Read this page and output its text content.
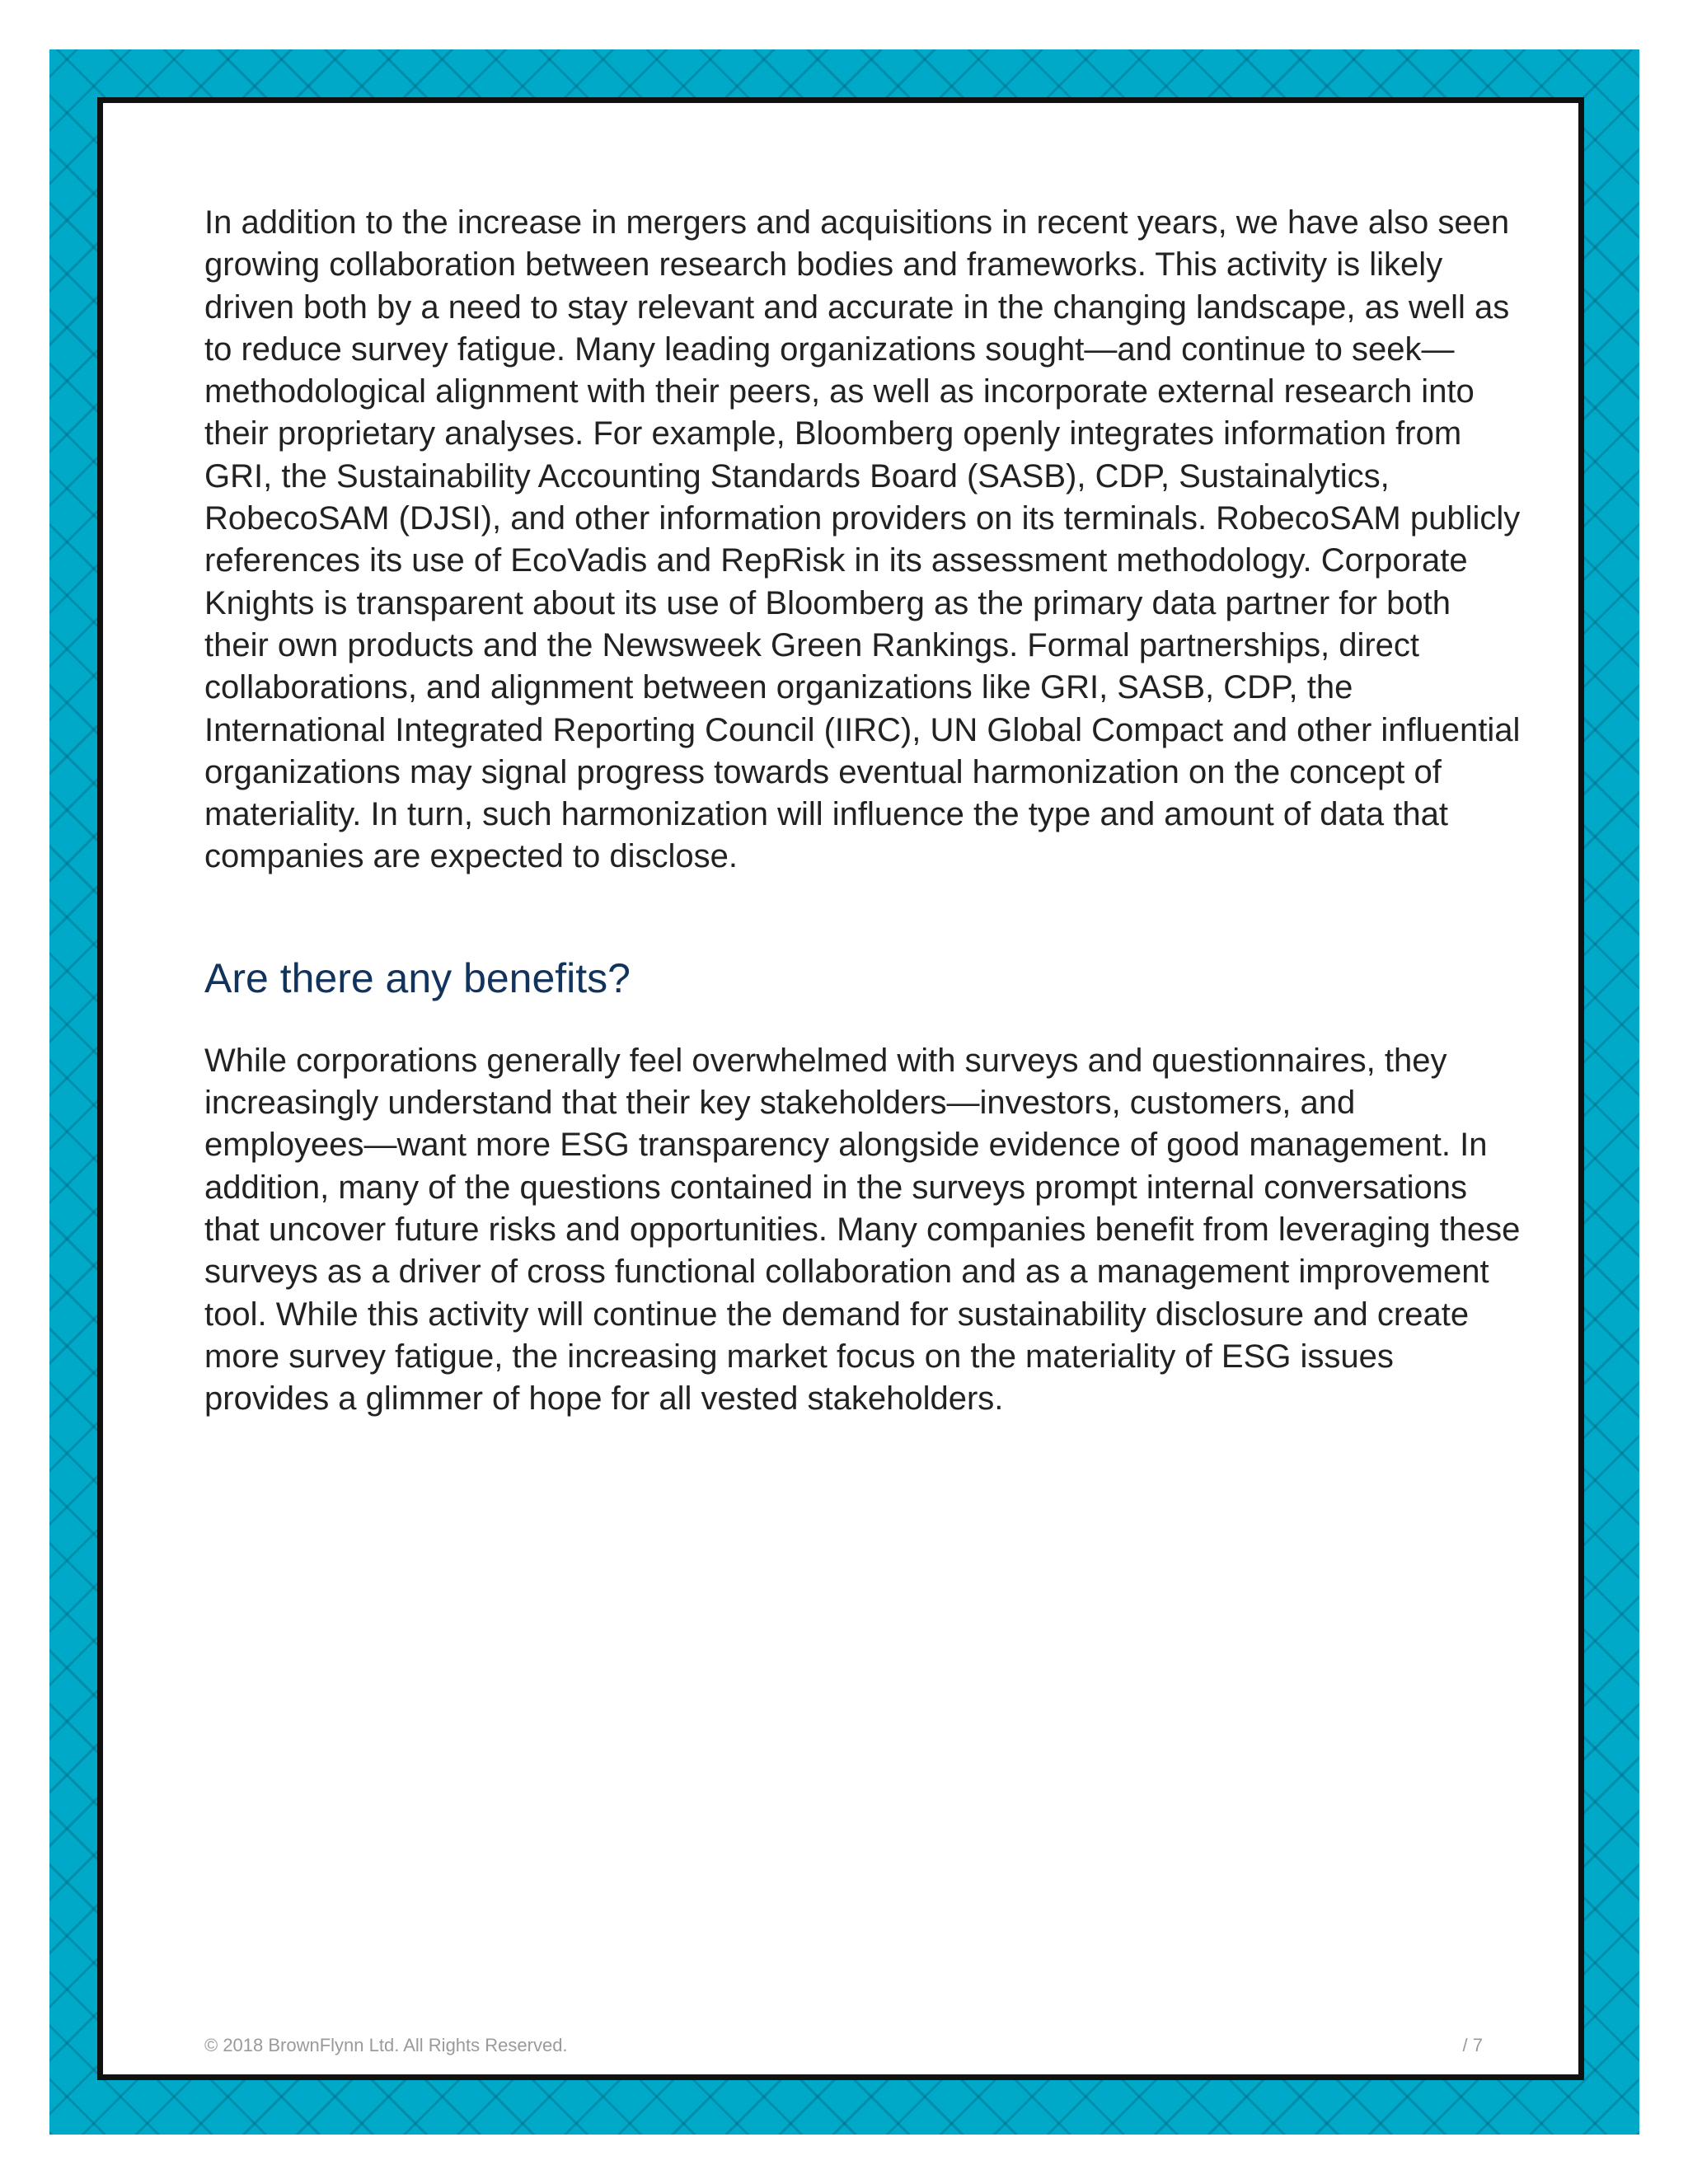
In addition to the increase in mergers and acquisitions in recent years, we have also seen growing collaboration between research bodies and frameworks. This activity is likely driven both by a need to stay relevant and accurate in the changing landscape, as well as to reduce survey fatigue. Many leading organizations sought—and continue to seek—methodological alignment with their peers, as well as incorporate external research into their proprietary analyses. For example, Bloomberg openly integrates information from GRI, the Sustainability Accounting Standards Board (SASB), CDP, Sustainalytics, RobecoSAM (DJSI), and other information providers on its terminals. RobecoSAM publicly references its use of EcoVadis and RepRisk in its assessment methodology. Corporate Knights is transparent about its use of Bloomberg as the primary data partner for both their own products and the Newsweek Green Rankings. Formal partnerships, direct collaborations, and alignment between organizations like GRI, SASB, CDP, the International Integrated Reporting Council (IIRC), UN Global Compact and other influential organizations may signal progress towards eventual harmonization on the concept of materiality. In turn, such harmonization will influence the type and amount of data that companies are expected to disclose.

Are there any benefits?

While corporations generally feel overwhelmed with surveys and questionnaires, they increasingly understand that their key stakeholders—investors, customers, and employees—want more ESG transparency alongside evidence of good management. In addition, many of the questions contained in the surveys prompt internal conversations that uncover future risks and opportunities. Many companies benefit from leveraging these surveys as a driver of cross functional collaboration and as a management improvement tool. While this activity will continue the demand for sustainability disclosure and create more survey fatigue, the increasing market focus on the materiality of ESG issues provides a glimmer of hope for all vested stakeholders.

© 2018 BrownFlynn Ltd. All Rights Reserved.	/ 7
